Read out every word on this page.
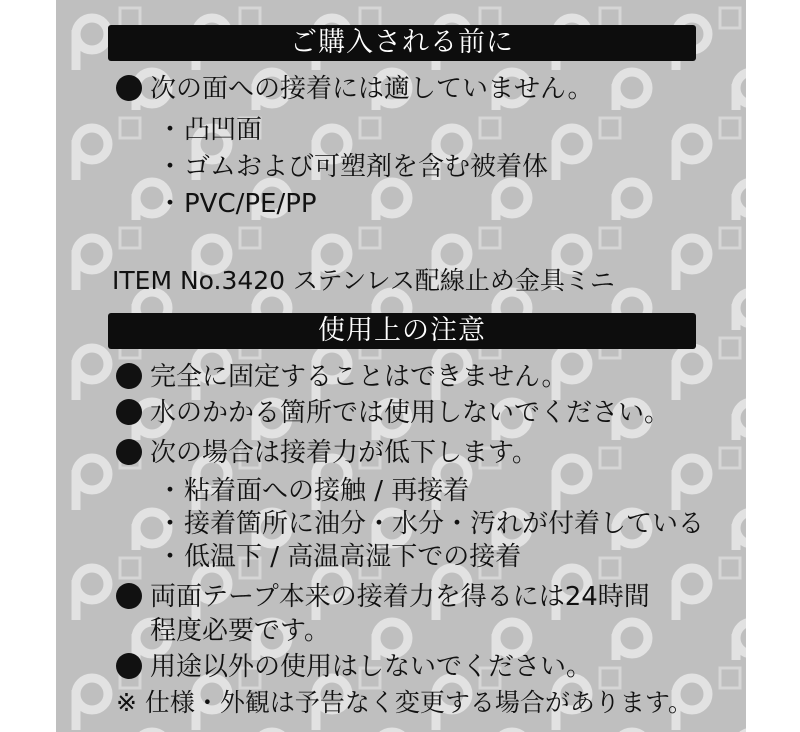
ご購入される前に
次の面への接着には適していません。
・凸凹面
・ゴムおよび可塑剤を含む被着体
・PVC/PE/PP
ITEM No.3420 ステンレス配線止め金具ミニ
使用上の注意
完全に固定することはできません。
水のかかる箇所では使用しないでください。
次の場合は接着力が低下します。
・粘着面への接触 / 再接着
・接着箇所に油分・水分・汚れが付着している
・低温下 / 高温高湿下での接着
両面テープ本来の接着力を得るには24時間
程度必要です。
用途以外の使用はしないでください。
※ 仕様・外観は予告なく変更する場合があります。
